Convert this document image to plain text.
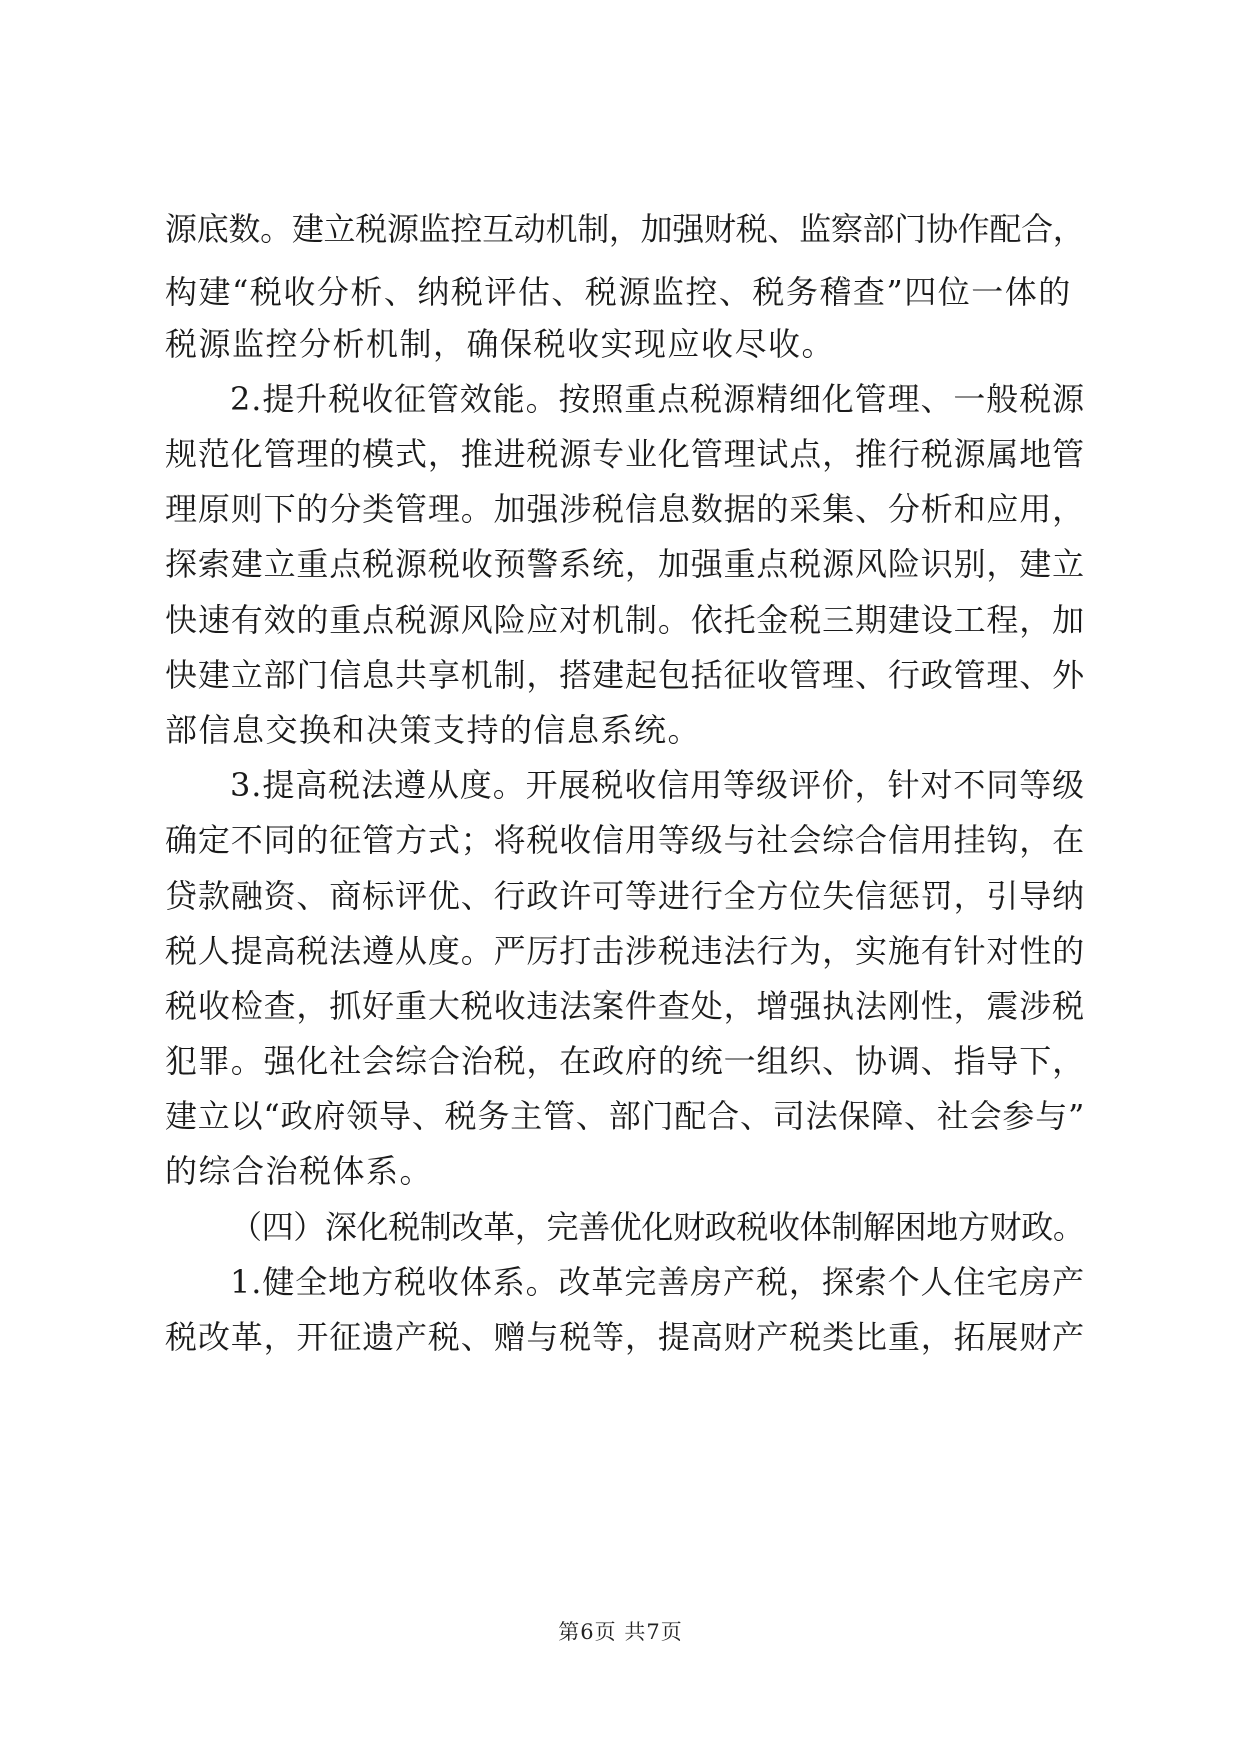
源底数。建立税源监控互动机制，加强财税、监察部门协作配合，
构建“税收分析、纳税评估、税源监控、税务稽查”四位一体的
税源监控分析机制，确保税收实现应收尽收。
2.提升税收征管效能。按照重点税源精细化管理、一般税源
规范化管理的模式，推进税源专业化管理试点，推行税源属地管
理原则下的分类管理。加强涉税信息数据的采集、分析和应用，
探索建立重点税源税收预警系统，加强重点税源风险识别，建立
快速有效的重点税源风险应对机制。依托金税三期建设工程，加
快建立部门信息共享机制，搭建起包括征收管理、行政管理、外
部信息交换和决策支持的信息系统。
3.提高税法遵从度。开展税收信用等级评价，针对不同等级
确定不同的征管方式；将税收信用等级与社会综合信用挂钩，在
贷款融资、商标评优、行政许可等进行全方位失信惩罚，引导纳
税人提高税法遵从度。严厉打击涉税违法行为，实施有针对性的
税收检查，抓好重大税收违法案件查处，增强执法刚性，震涉税
犯罪。强化社会综合治税，在政府的统一组织、协调、指导下，
建立以“政府领导、税务主管、部门配合、司法保障、社会参与”
的综合治税体系。
（四）深化税制改革，完善优化财政税收体制解困地方财政。
1.健全地方税收体系。改革完善房产税，探索个人住宅房产
税改革，开征遗产税、赠与税等，提高财产税类比重，拓展财产
第6页 共7页
